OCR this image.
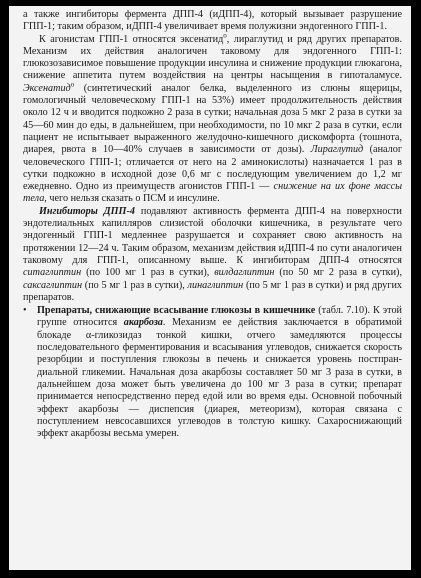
а также ингибиторы фермента ДПП-4 (иДПП-4), который вызывает разрушение ГПП-1; таким образом, иДПП-4 увеличивает время полужизни эндогенного ГПП-1.

К агонистам ГПП-1 относятся эксенатид$^о$, лираглутид и ряд других препаратов. Механизм их действия аналогичен таковому для эндогенного ГПП-1: глюкозозависимое повышение продукции инсулина и снижение продукции глюкагона, снижение аппетита путем воздействия на центры насыщения в гипоталамусе. Эксенатид$^о$ (синтетический аналог белка, выделенного из слюны ящерицы, гомологичный человеческому ГПП-1 на 53%) имеет продолжительность действия около 12 ч и вводится подкожно 2 раза в сутки; начальная доза 5 мкг 2 раза в сутки за 45—60 мин до еды, в дальнейшем, при необходимости, по 10 мкг 2 раза в сутки, если пациент не испытывает выраженного желудочно-кишечного дискомфорта (тошнота, диарея, рвота в 10—40% случаев в зависимости от дозы). Лираглутид (аналог человеческого ГПП-1; отличается от него на 2 аминокислоты) назначается 1 раз в сутки подкожно в исходной дозе 0,6 мг с последующим увеличением до 1,2 мг ежедневно. Одно из преимуществ агонистов ГПП-1 — снижение на их фоне массы тела, чего нельзя сказать о ПСМ и инсулине.

Ингибиторы ДПП-4 подавляют активность фермента ДПП-4 на поверхности эндотелиальных капилляров слизистой оболочки кишечника, в результате чего эндогенный ГПП-1 медленнее разрушается и сохраняет свою активность на протяжении 12—24 ч. Таким образом, механизм действия иДПП-4 по сути аналогичен таковому для ГПП-1, описанному выше. К ингибиторам ДПП-4 относятся ситаглиптин (по 100 мг 1 раз в сутки), вилдаглиптин (по 50 мг 2 раза в сутки), саксаглиптин (по 5 мг 1 раз в сутки), линаглиптин (по 5 мг 1 раз в сутки) и ряд других препаратов.

•	Препараты, снижающие всасывание глюкозы в кишечнике (табл. 7.10). К этой группе относится акарбоза. Механизм ее действия заключается в обратимой блокаде α-гликозидаз тонкой кишки, отчего замедляются процессы последовательного ферментирования и всасывания углеводов, снижается скорость резорбции и поступления глюкозы в печень и снижается уровень постпрандиальной гликемии. Начальная доза акарбозы составляет 50 мг 3 раза в сутки, в дальнейшем доза может быть увеличена до 100 мг 3 раза в сутки; препарат принимается непосредственно перед едой или во время еды. Основной побочный эффект акарбозы — диспепсия (диарея, метеоризм), которая связана с поступлением невсосавшихся углеводов в толстую кишку. Сахароснижающий эффект акарбозы весьма умерен.
